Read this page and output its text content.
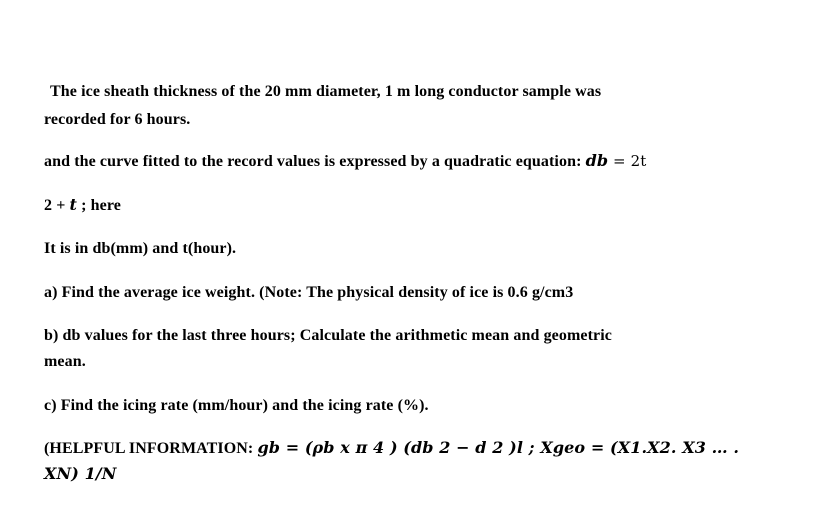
The ice sheath thickness of the 20 mm diameter, 1 m long conductor sample was
recorded for 6 hours.
and the curve fitted to the record values is expressed by a quadratic equation: db = 2t
2 + t ; here
It is in db(mm) and t(hour).
a) Find the average ice weight. (Note: The physical density of ice is 0.6 g/cm3
b) db values for the last three hours; Calculate the arithmetic mean and geometric
mean.
c) Find the icing rate (mm/hour) and the icing rate (%).
(HELPFUL INFORMATION: gb = (ρb x π 4 ) (db 2 − d 2 )l ; Xgeo = (X1.X2. X3 … .
XN) 1/N
